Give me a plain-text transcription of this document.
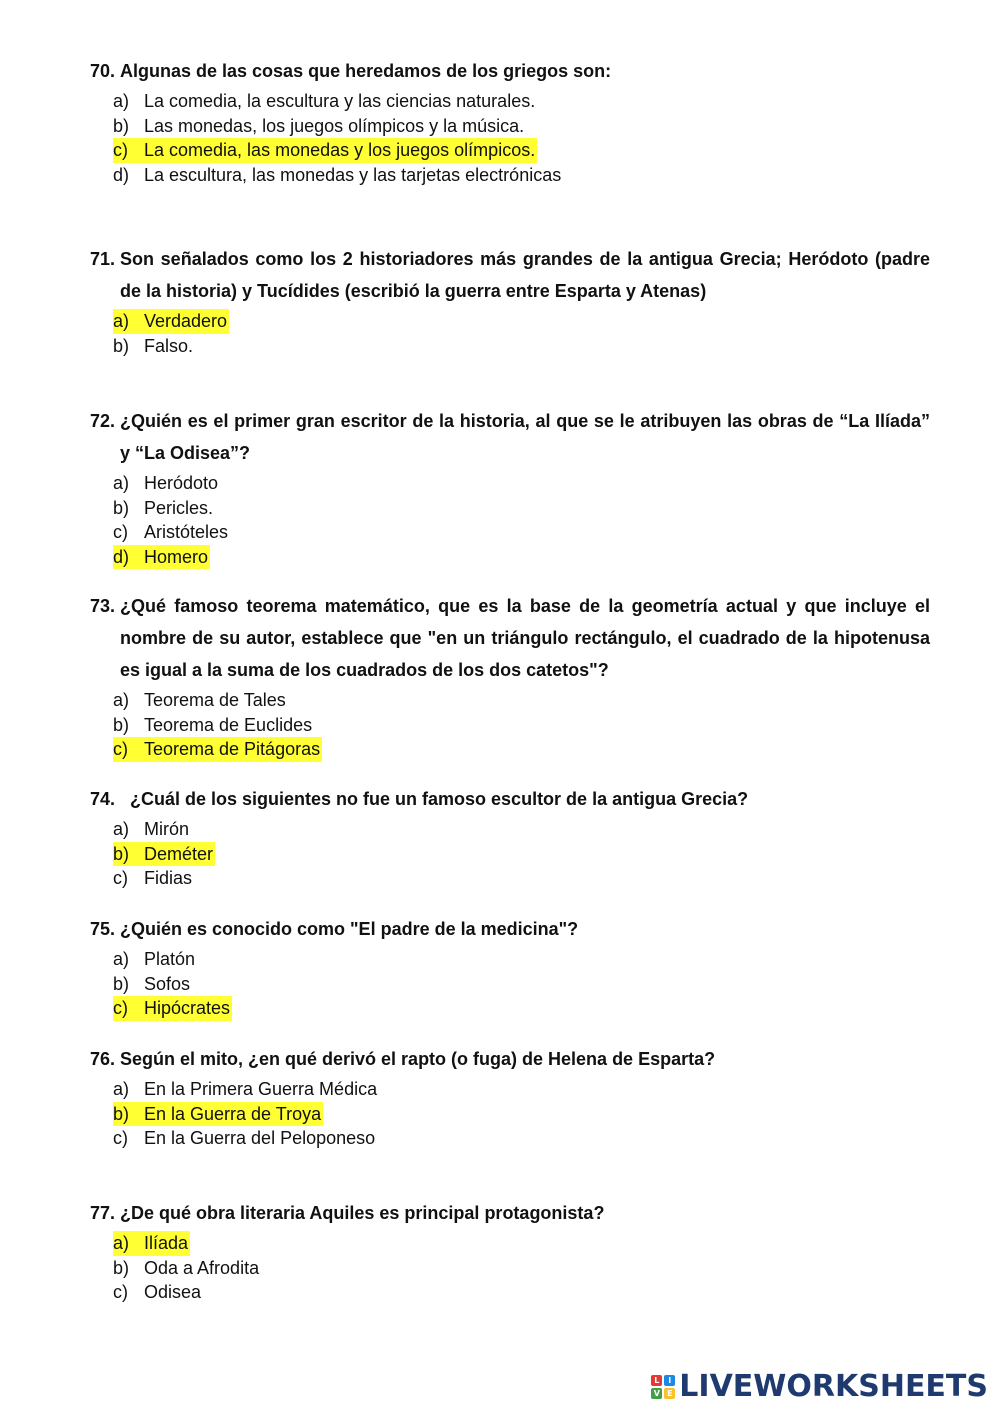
70. Algunas de las cosas que heredamos de los griegos son:
a) La comedia, la escultura y las ciencias naturales.
b) Las monedas, los juegos olímpicos y la música.
c) La comedia, las monedas y los juegos olímpicos.
d) La escultura, las monedas y las tarjetas electrónicas
71. Son señalados como los 2 historiadores más grandes de la antigua Grecia; Heródoto (padre de la historia) y Tucídides (escribió la guerra entre Esparta y Atenas)
a) Verdadero
b) Falso.
72. ¿Quién es el primer gran escritor de la historia, al que se le atribuyen las obras de “La Ilíada” y “La Odisea”?
a) Heródoto
b) Pericles.
c) Aristóteles
d) Homero
73. ¿Qué famoso teorema matemático, que es la base de la geometría actual y que incluye el nombre de su autor, establece que "en un triángulo rectángulo, el cuadrado de la hipotenusa es igual a la suma de los cuadrados de los dos catetos"?
a) Teorema de Tales
b) Teorema de Euclides
c) Teorema de Pitágoras
74. ¿Cuál de los siguientes no fue un famoso escultor de la antigua Grecia?
a) Mirón
b) Deméter
c) Fidias
75. ¿Quién es conocido como "El padre de la medicina"?
a) Platón
b) Sofos
c) Hipócrates
76. Según el mito, ¿en qué derivó el rapto (o fuga) de Helena de Esparta?
a) En la Primera Guerra Médica
b) En la Guerra de Troya
c) En la Guerra del Peloponeso
77. ¿De qué obra literaria Aquiles es principal protagonista?
a) Ilíada
b) Oda a Afrodita
c) Odisea
L	I
V E LIVEWORKSHEETS
